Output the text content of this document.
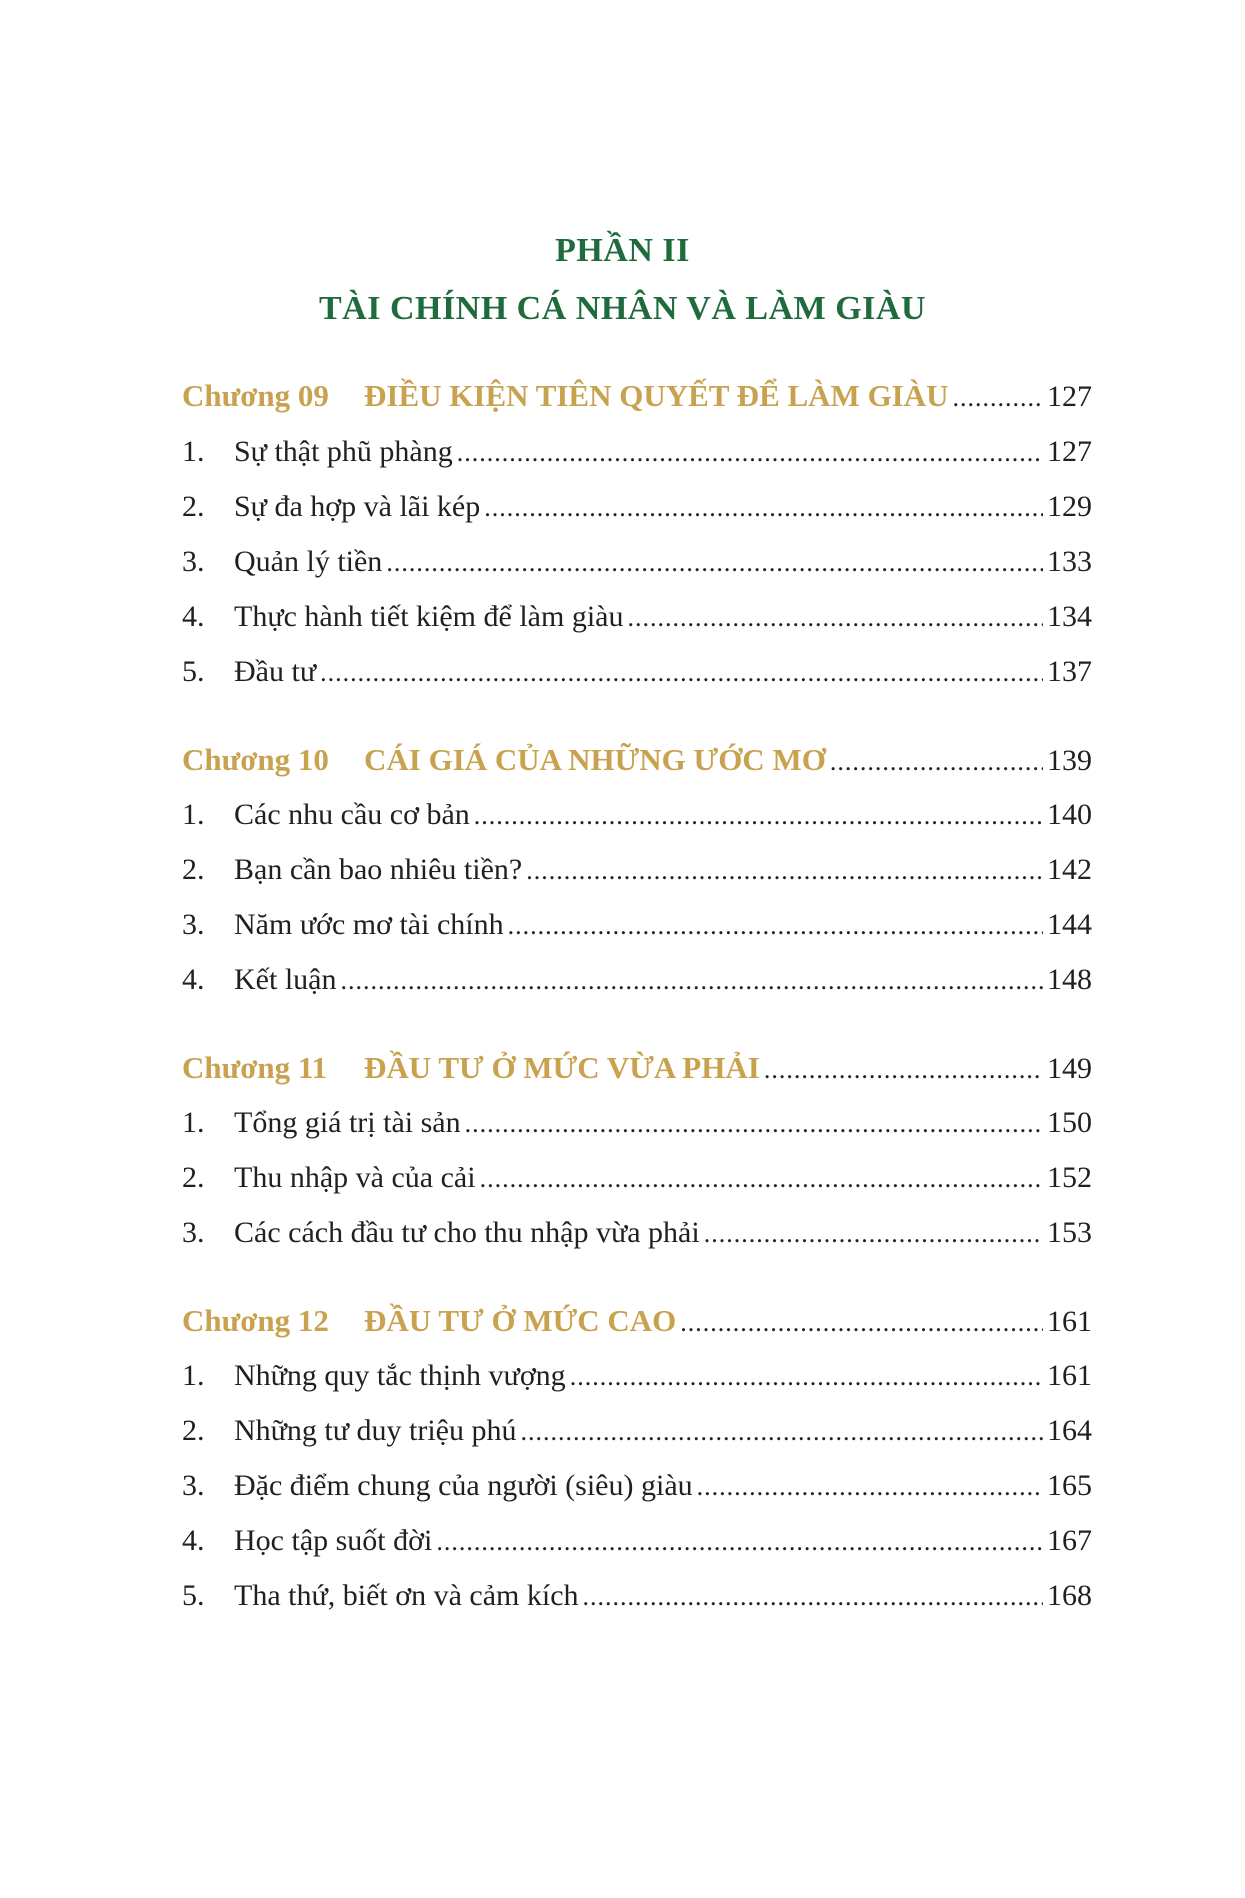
PHẦN II
TÀI CHÍNH CÁ NHÂN VÀ LÀM GIÀU
Chương 09	ĐIỀU KIỆN TIÊN QUYẾT ĐỂ LÀM GIÀU .....	127
1. Sự thật phũ phàng .....	127
2. Sự đa hợp và lãi kép .....	129
3. Quản lý tiền .....	133
4. Thực hành tiết kiệm để làm giàu .....	134
5. Đầu tư .....	137
Chương 10	CÁI GIÁ CỦA NHỮNG ƯỚC MƠ .....	139
1. Các nhu cầu cơ bản .....	140
2. Bạn cần bao nhiêu tiền? .....	142
3. Năm ước mơ tài chính .....	144
4. Kết luận .....	148
Chương 11	ĐẦU TƯ Ở MỨC VỪA PHẢI .....	149
1. Tổng giá trị tài sản .....	150
2. Thu nhập và của cải .....	152
3. Các cách đầu tư cho thu nhập vừa phải .....	153
Chương 12	ĐẦU TƯ Ở MỨC CAO .....	161
1. Những quy tắc thịnh vượng .....	161
2. Những tư duy triệu phú .....	164
3. Đặc điểm chung của người (siêu) giàu .....	165
4. Học tập suốt đời .....	167
5. Tha thứ, biết ơn và cảm kích .....	168
